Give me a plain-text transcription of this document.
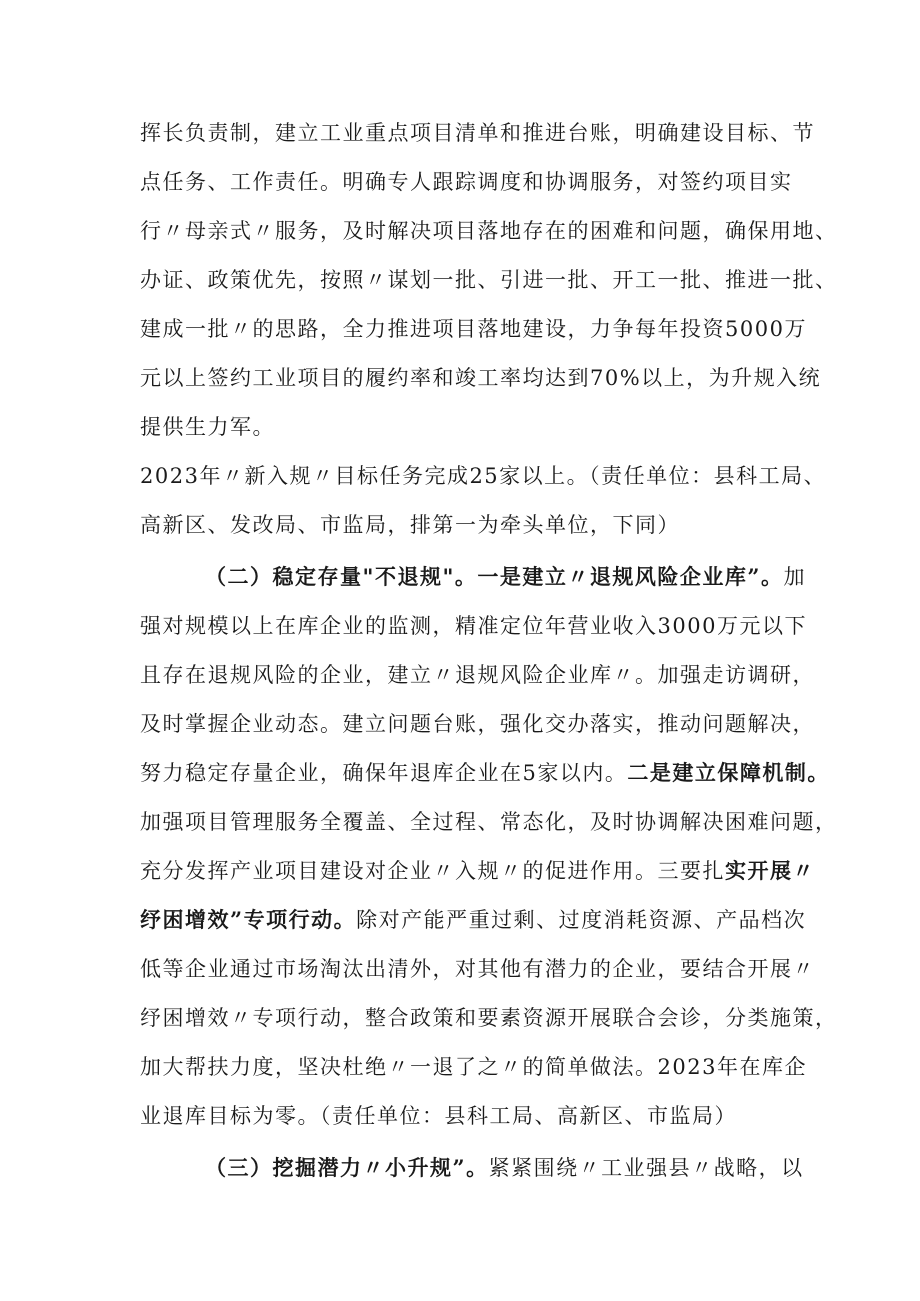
挥长负责制，建立工业重点项目清单和推进台账，明确建设目标、节
点任务、工作责任。明确专人跟踪调度和协调服务，对签约项目实
行〃母亲式〃服务，及时解决项目落地存在的困难和问题，确保用地、
办证、政策优先，按照〃谋划一批、引进一批、开工一批、推进一批、
建成一批〃的思路，全力推进项目落地建设，力争每年投资5000万
元以上签约工业项目的履约率和竣工率均达到70%以上，为升规入统
提供生力军。
2023年〃新入规〃目标任务完成25家以上。（责任单位：县科工局、
高新区、发改局、市监局，排第一为牵头单位，下同）
（二）稳定存量"不退规"。一是建立〃退规风险企业库”。加
强对规模以上在库企业的监测，精准定位年营业收入3000万元以下
且存在退规风险的企业，建立〃退规风险企业库〃。加强走访调研，
及时掌握企业动态。建立问题台账，强化交办落实，推动问题解决，
努力稳定存量企业，确保年退库企业在5家以内。二是建立保障机制。
加强项目管理服务全覆盖、全过程、常态化，及时协调解决困难问题，
充分发挥产业项目建设对企业〃入规〃的促进作用。三要扎实开展〃
纾困增效”专项行动。除对产能严重过剩、过度消耗资源、产品档次
低等企业通过市场淘汰出清外，对其他有潜力的企业，要结合开展〃
纾困增效〃专项行动，整合政策和要素资源开展联合会诊，分类施策，
加大帮扶力度，坚决杜绝〃一退了之〃的简单做法。2023年在库企
业退库目标为零。（责任单位：县科工局、高新区、市监局）
（三）挖掘潜力〃小升规”。紧紧围绕〃工业强县〃战略，以
